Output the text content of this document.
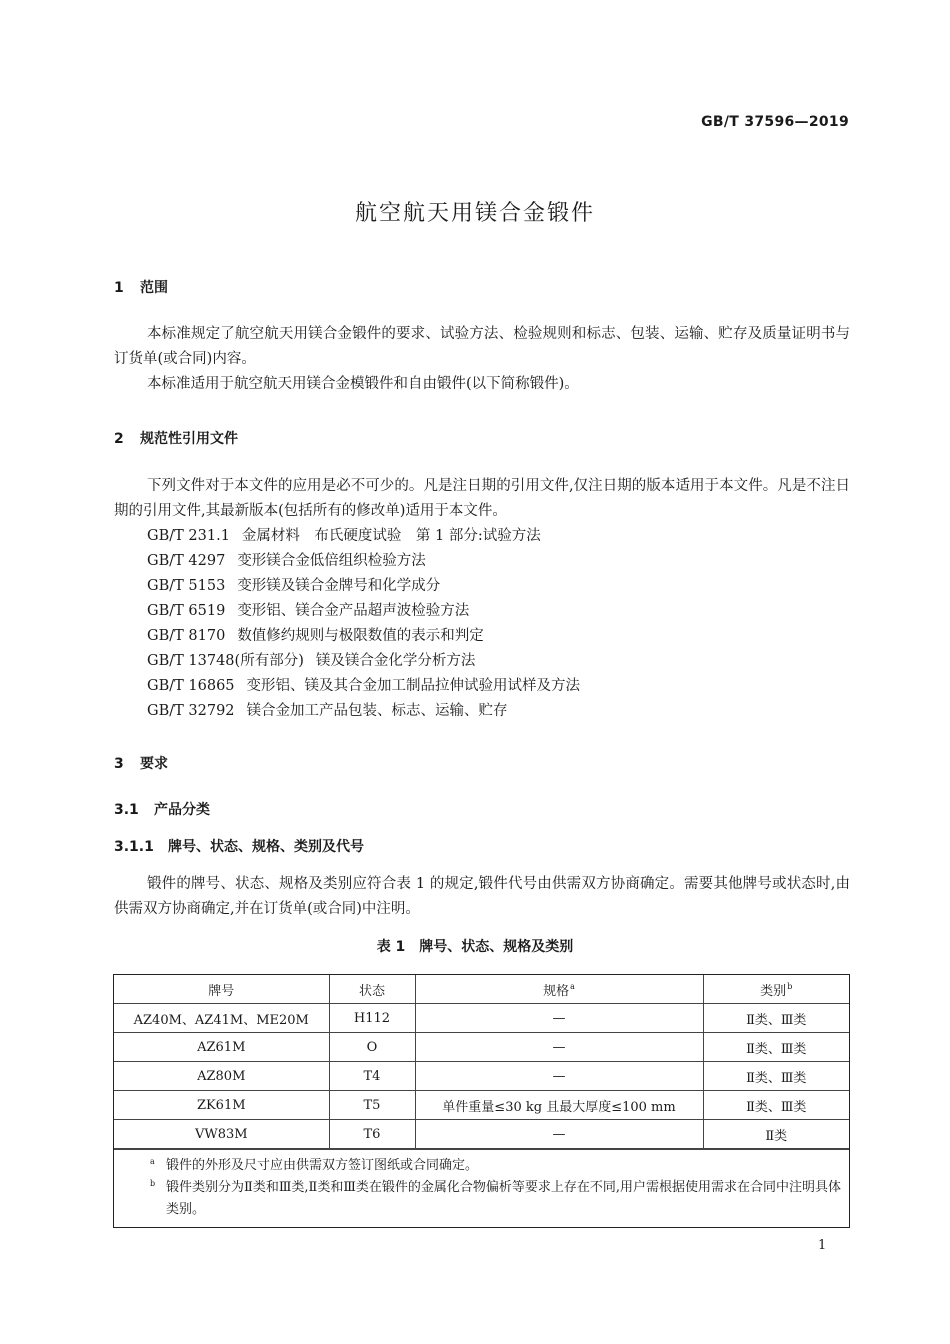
GB/T 37596—2019
航空航天用镁合金锻件
1 范围
本标准规定了航空航天用镁合金锻件的要求、试验方法、检验规则和标志、包装、运输、贮存及质量证明书与订货单(或合同)内容。
本标准适用于航空航天用镁合金模锻件和自由锻件(以下简称锻件)。
2 规范性引用文件
下列文件对于本文件的应用是必不可少的。凡是注日期的引用文件,仅注日期的版本适用于本文件。凡是不注日期的引用文件,其最新版本(包括所有的修改单)适用于本文件。
GB/T 231.1 金属材料　布氏硬度试验　第 1 部分:试验方法
GB/T 4297 变形镁合金低倍组织检验方法
GB/T 5153 变形镁及镁合金牌号和化学成分
GB/T 6519 变形铝、镁合金产品超声波检验方法
GB/T 8170 数值修约规则与极限数值的表示和判定
GB/T 13748(所有部分) 镁及镁合金化学分析方法
GB/T 16865 变形铝、镁及其合金加工制品拉伸试验用试样及方法
GB/T 32792 镁合金加工产品包装、标志、运输、贮存
3 要求
3.1 产品分类
3.1.1 牌号、状态、规格、类别及代号
锻件的牌号、状态、规格及类别应符合表 1 的规定,锻件代号由供需双方协商确定。需要其他牌号或状态时,由供需双方协商确定,并在订货单(或合同)中注明。
表 1　牌号、状态、规格及类别
牌号	状态	规格$^a$	类别$^b$
AZ40M、AZ41M、ME20M	H112	—	Ⅱ类、Ⅲ类
AZ61M	O	—	Ⅱ类、Ⅲ类
AZ80M	T4	—	Ⅱ类、Ⅲ类
ZK61M	T5	单件重量≤30 kg 且最大厚度≤100 mm	Ⅱ类、Ⅲ类
VW83M	T6	—	Ⅱ类
a 锻件的外形及尺寸应由供需双方签订图纸或合同确定。
b 锻件类别分为Ⅱ类和Ⅲ类,Ⅱ类和Ⅲ类在锻件的金属化合物偏析等要求上存在不同,用户需根据使用需求在合同中注明具体类别。
1
